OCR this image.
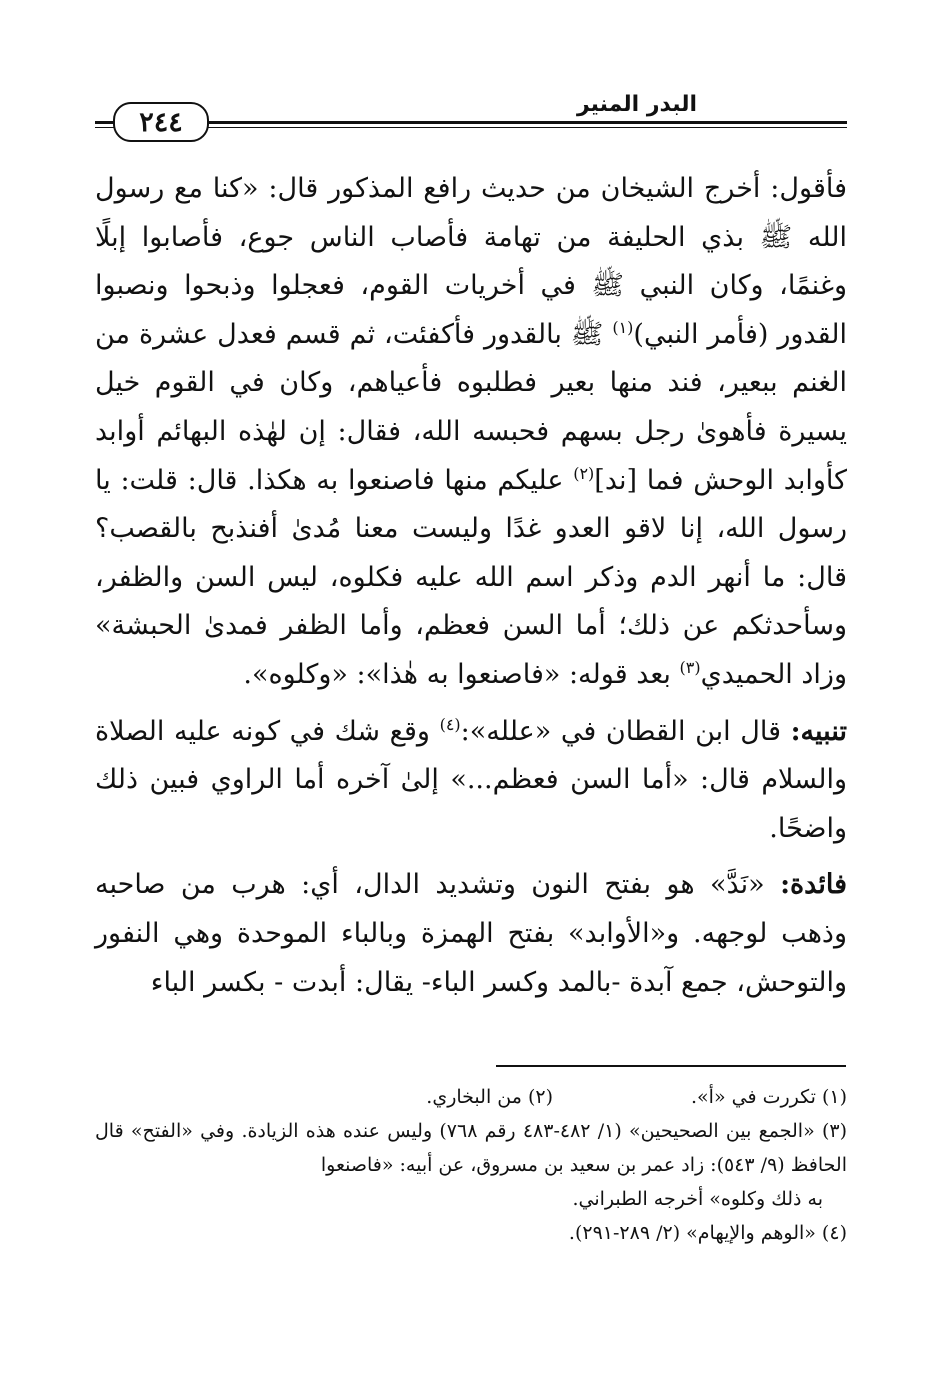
البدر المنير
٢٤٤

فأقول: أخرج الشيخان من حديث رافع المذكور قال: «كنا مع رسول الله ﷺ بذي الحليفة من تهامة فأصاب الناس جوع، فأصابوا إبلًا وغنمًا، وكان النبي ﷺ في أخريات القوم، فعجلوا وذبحوا ونصبوا القدور (فأمر النبي)$^{(١)}$ ﷺ بالقدور فأكفئت، ثم قسم فعدل عشرة من الغنم ببعير، فند منها بعير فطلبوه فأعياهم، وكان في القوم خيل يسيرة فأهوىٰ رجل بسهم فحبسه الله، فقال: إن لهٰذه البهائم أوابد كأوابد الوحش فما [ند]$^{(٢)}$ عليكم منها فاصنعوا به هكذا. قال: قلت: يا رسول الله، إنا لاقو العدو غدًا وليست معنا مُدىٰ أفنذبح بالقصب؟ قال: ما أنهر الدم وذكر اسم الله عليه فكلوه، ليس السن والظفر، وسأحدثكم عن ذلك؛ أما السن فعظم، وأما الظفر فمدىٰ الحبشة» وزاد الحميدي$^{(٣)}$ بعد قوله: «فاصنعوا به هٰذا»: «وكلوه».

تنبيه: قال ابن القطان في «علله»:$^{(٤)}$ وقع شك في كونه عليه الصلاة والسلام قال: «أما السن فعظم...» إلىٰ آخره أما الراوي فبين ذلك واضحًا.

فائدة: «نَدَّ» هو بفتح النون وتشديد الدال، أي: هرب من صاحبه وذهب لوجهه. و«الأوابد» بفتح الهمزة وبالباء الموحدة وهي النفور والتوحش، جمع آبدة -بالمد وكسر الباء- يقال: أبدت - بكسر الباء

(١) تكررت في «أ».(٢) من البخاري.
(٣) «الجمع بين الصحيحين» (١/ ٤٨٢-٤٨٣ رقم ٧٦٨) وليس عنده هذه الزيادة. وفي «الفتح» قال الحافظ (٩/ ٥٤٣): زاد عمر بن سعيد بن مسروق، عن أبيه: «فاصنعوا
به ذلك وكلوه» أخرجه الطبراني.
(٤) «الوهم والإيهام» (٢/ ٢٨٩-٢٩١).
